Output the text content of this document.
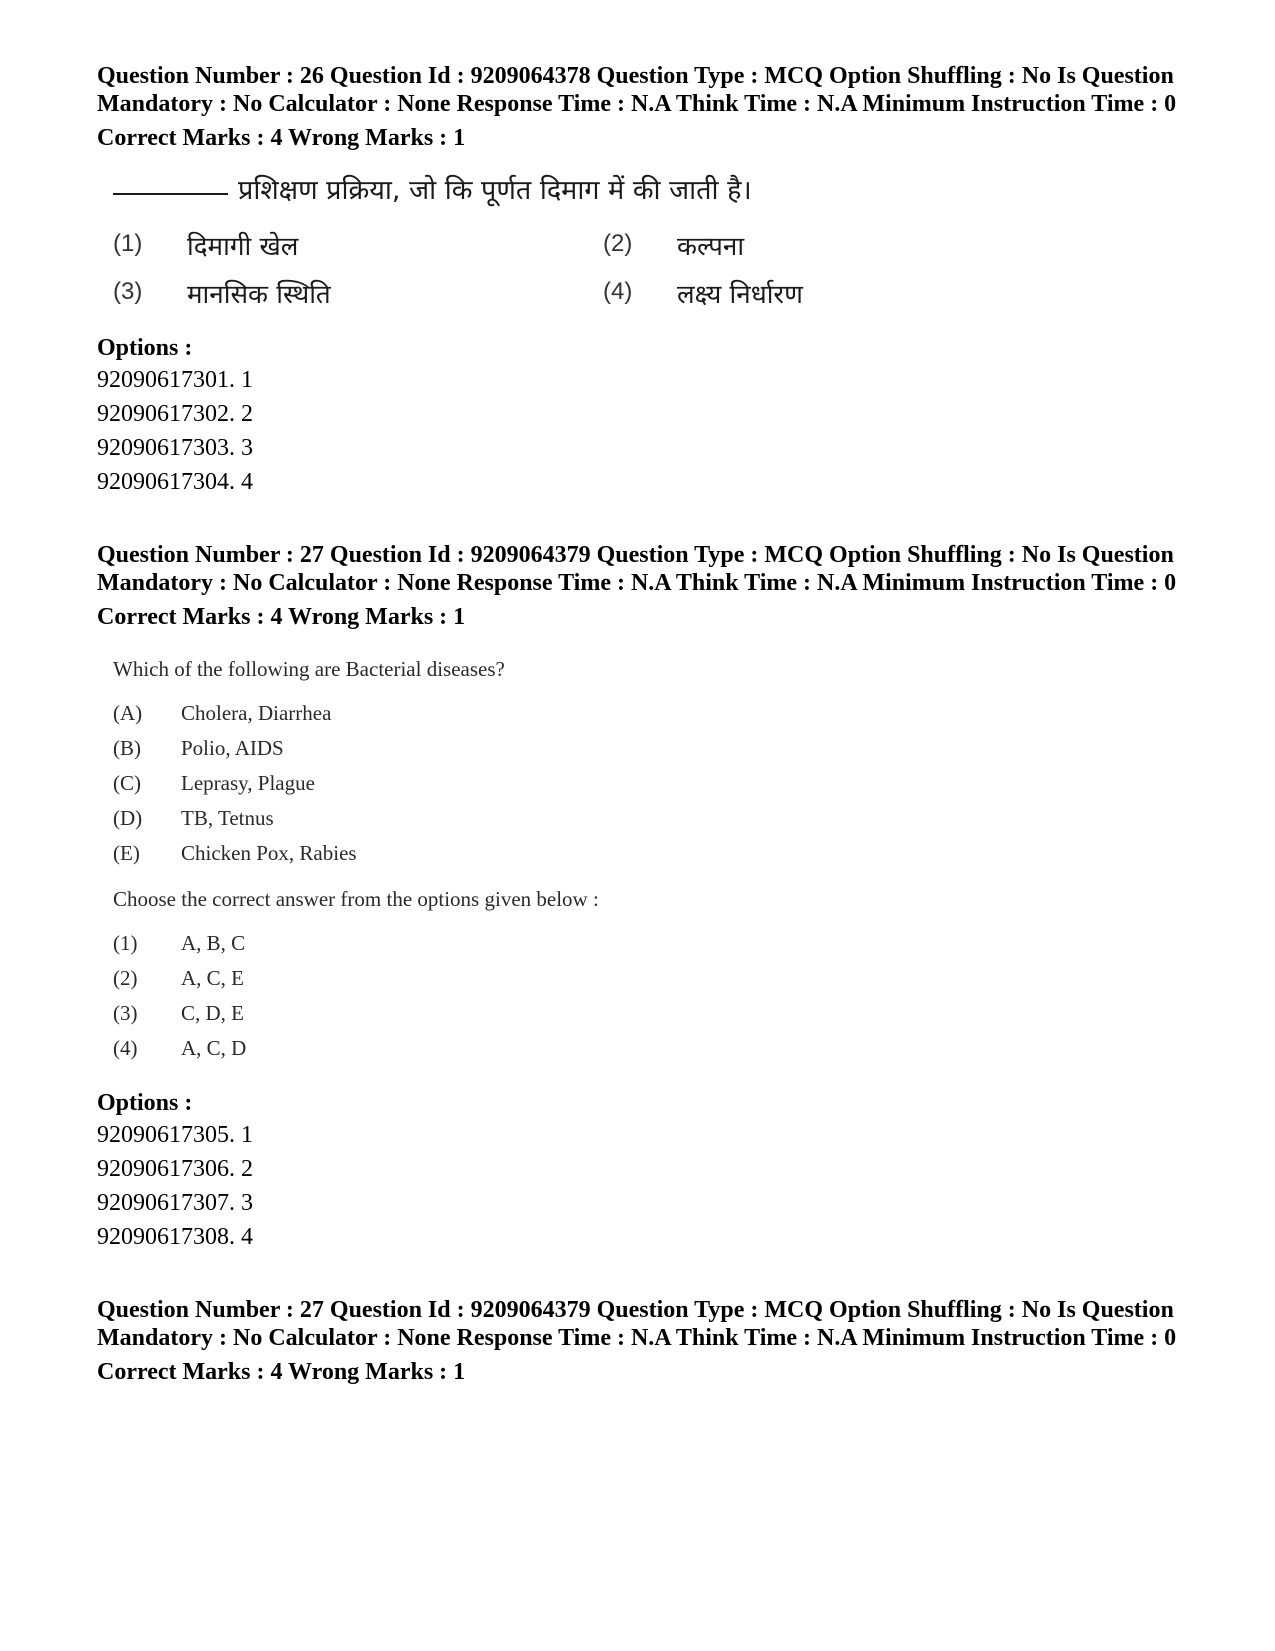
Question Number : 26 Question Id : 9209064378 Question Type : MCQ Option Shuffling : No Is Question Mandatory : No Calculator : None Response Time : N.A Think Time : N.A Minimum Instruction Time : 0
Correct Marks : 4 Wrong Marks : 1
प्रशिक्षण प्रक्रिया, जो कि पूर्णत दिमाग में की जाती है।
(1)	दिमागी खेल	(2)	कल्पना
(3)	मानसिक स्थिति	(4)	लक्ष्य निर्धारण
Options :
92090617301. 1
92090617302. 2
92090617303. 3
92090617304. 4
Question Number : 27 Question Id : 9209064379 Question Type : MCQ Option Shuffling : No Is Question Mandatory : No Calculator : None Response Time : N.A Think Time : N.A Minimum Instruction Time : 0
Correct Marks : 4 Wrong Marks : 1
Which of the following are Bacterial diseases?
(A)	Cholera, Diarrhea
(B)	Polio, AIDS
(C)	Leprasy, Plague
(D)	TB, Tetnus
(E)	Chicken Pox, Rabies
Choose the correct answer from the options given below :
(1)	A, B, C
(2)	A, C, E
(3)	C, D, E
(4)	A, C, D
Options :
92090617305. 1
92090617306. 2
92090617307. 3
92090617308. 4
Question Number : 27 Question Id : 9209064379 Question Type : MCQ Option Shuffling : No Is Question Mandatory : No Calculator : None Response Time : N.A Think Time : N.A Minimum Instruction Time : 0
Correct Marks : 4 Wrong Marks : 1
